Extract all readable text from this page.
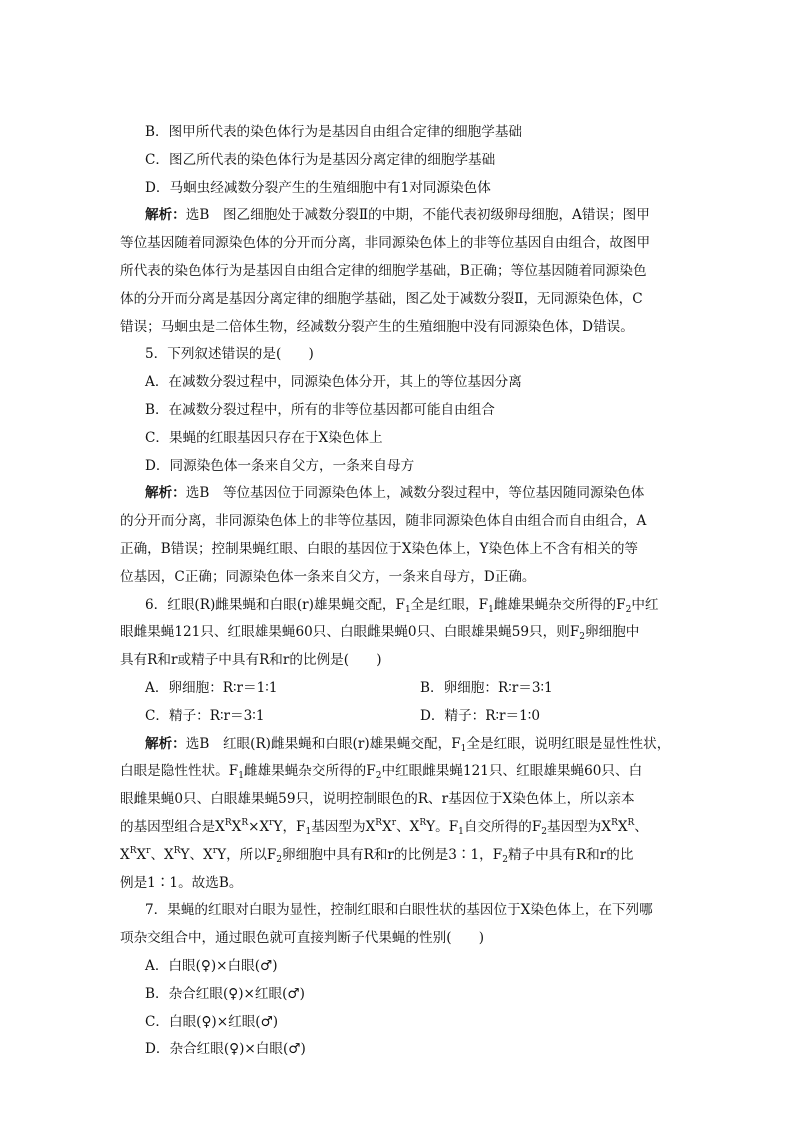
B．图甲所代表的染色体行为是基因自由组合定律的细胞学基础
C．图乙所代表的染色体行为是基因分离定律的细胞学基础
D．马蛔虫经减数分裂产生的生殖细胞中有1对同源染色体
解析：选B　图乙细胞处于减数分裂Ⅱ的中期，不能代表初级卵母细胞，A错误；图甲
等位基因随着同源染色体的分开而分离，非同源染色体上的非等位基因自由组合，故图甲
所代表的染色体行为是基因自由组合定律的细胞学基础，B正确；等位基因随着同源染色
体的分开而分离是基因分离定律的细胞学基础，图乙处于减数分裂Ⅱ，无同源染色体，C
错误；马蛔虫是二倍体生物，经减数分裂产生的生殖细胞中没有同源染色体，D错误。
5．下列叙述错误的是(　　)
A．在减数分裂过程中，同源染色体分开，其上的等位基因分离
B．在减数分裂过程中，所有的非等位基因都可能自由组合
C．果蝇的红眼基因只存在于X染色体上
D．同源染色体一条来自父方，一条来自母方
解析：选B　等位基因位于同源染色体上，减数分裂过程中，等位基因随同源染色体
的分开而分离，非同源染色体上的非等位基因，随非同源染色体自由组合而自由组合，A
正确，B错误；控制果蝇红眼、白眼的基因位于X染色体上，Y染色体上不含有相关的等
位基因，C正确；同源染色体一条来自父方，一条来自母方，D正确。
6．红眼(R)雌果蝇和白眼(r)雄果蝇交配，$F_1$全是红眼，$F_1$雌雄果蝇杂交所得的$F_2$中红
眼雌果蝇121只、红眼雄果蝇60只、白眼雌果蝇0只、白眼雄果蝇59只，则$F_2$卵细胞中
具有R和r或精子中具有R和r的比例是(　　)
A．卵细胞：R∶r＝1∶1	B．卵细胞：R∶r＝3∶1
C．精子：R∶r＝3∶1	D．精子：R∶r＝1∶0
解析：选B　红眼(R)雌果蝇和白眼(r)雄果蝇交配，$F_1$全是红眼，说明红眼是显性性状，
白眼是隐性性状。$F_1$雌雄果蝇杂交所得的$F_2$中红眼雌果蝇121只、红眼雄果蝇60只、白
眼雌果蝇0只、白眼雄果蝇59只，说明控制眼色的R、r基因位于X染色体上，所以亲本
的基因型组合是$X^RX^R\times X^rY$，$F_1$基因型为$X^RX^r$、$X^RY$。$F_1$自交所得的$F_2$基因型为$X^RX^R$、
$X^RX^r$、$X^RY$、$X^rY$，所以$F_2$卵细胞中具有R和r的比例是3∶1，$F_2$精子中具有R和r的比
例是1∶1。故选B。
7．果蝇的红眼对白眼为显性，控制红眼和白眼性状的基因位于X染色体上，在下列哪
项杂交组合中，通过眼色就可直接判断子代果蝇的性别(　　)
A．白眼(♀)×白眼(♂)
B．杂合红眼(♀)×红眼(♂)
C．白眼(♀)×红眼(♂)
D．杂合红眼(♀)×白眼(♂)
